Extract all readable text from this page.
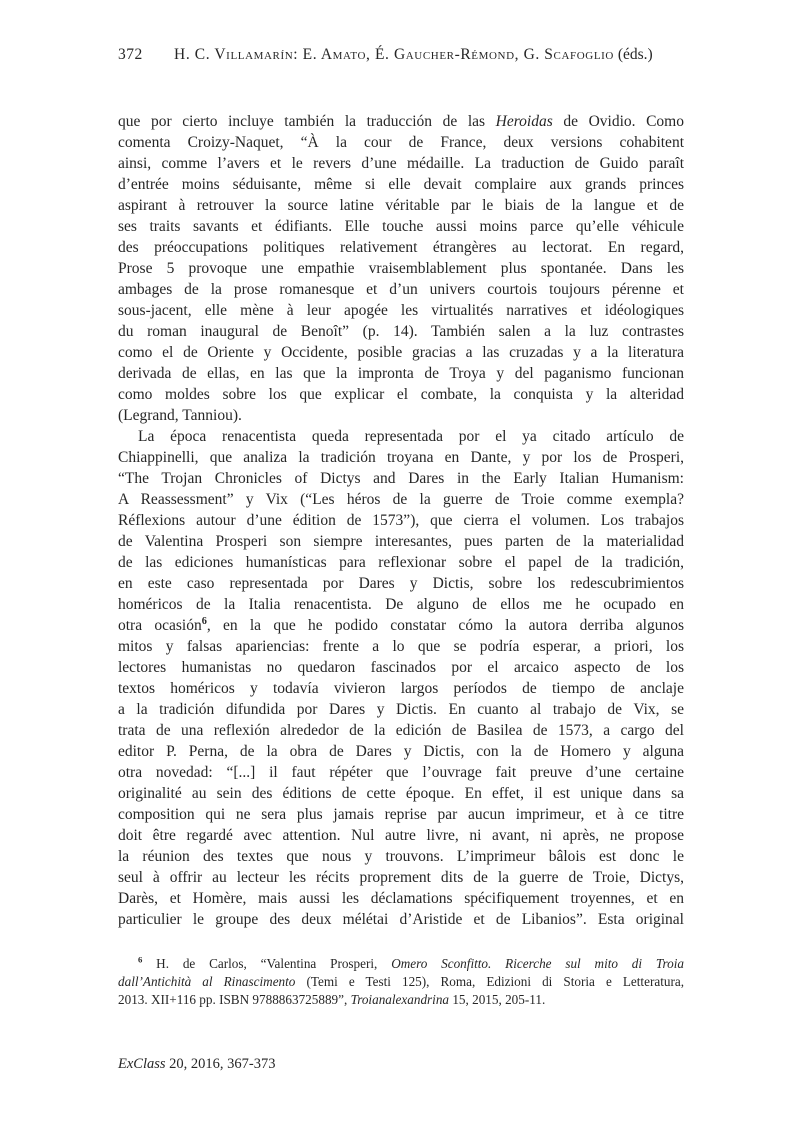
372	H. C. Villamarín: E. Amato, É. Gaucher-Rémond, G. Scafoglio (éds.)
que por cierto incluye también la traducción de las Heroidas de Ovidio. Como
comenta Croizy-Naquet, “À la cour de France, deux versions cohabitent
ainsi, comme l’avers et le revers d’une médaille. La traduction de Guido paraît
d’entrée moins séduisante, même si elle devait complaire aux grands princes
aspirant à retrouver la source latine véritable par le biais de la langue et de
ses traits savants et édifiants. Elle touche aussi moins parce qu’elle véhicule
des préoccupations politiques relativement étrangères au lectorat. En regard,
Prose 5 provoque une empathie vraisemblablement plus spontanée. Dans les
ambages de la prose romanesque et d’un univers courtois toujours pérenne et
sous-jacent, elle mène à leur apogée les virtualités narratives et idéologiques
du roman inaugural de Benoît” (p. 14). También salen a la luz contrastes
como el de Oriente y Occidente, posible gracias a las cruzadas y a la literatura
derivada de ellas, en las que la impronta de Troya y del paganismo funcionan
como moldes sobre los que explicar el combate, la conquista y la alteridad
(Legrand, Tanniou).
La época renacentista queda representada por el ya citado artículo de
Chiappinelli, que analiza la tradición troyana en Dante, y por los de Prosperi,
“The Trojan Chronicles of Dictys and Dares in the Early Italian Humanism:
A Reassessment” y Vix (“Les héros de la guerre de Troie comme exempla?
Réflexions autour d’une édition de 1573”), que cierra el volumen. Los trabajos
de Valentina Prosperi son siempre interesantes, pues parten de la materialidad
de las ediciones humanísticas para reflexionar sobre el papel de la tradición,
en este caso representada por Dares y Dictis, sobre los redescubrimientos
homéricos de la Italia renacentista. De alguno de ellos me he ocupado en
otra ocasión$^6$, en la que he podido constatar cómo la autora derriba algunos
mitos y falsas apariencias: frente a lo que se podría esperar, a priori, los
lectores humanistas no quedaron fascinados por el arcaico aspecto de los
textos homéricos y todavía vivieron largos períodos de tiempo de anclaje
a la tradición difundida por Dares y Dictis. En cuanto al trabajo de Vix, se
trata de una reflexión alrededor de la edición de Basilea de 1573, a cargo del
editor P. Perna, de la obra de Dares y Dictis, con la de Homero y alguna
otra novedad: “[...] il faut répéter que l’ouvrage fait preuve d’une certaine
originalité au sein des éditions de cette époque. En effet, il est unique dans sa
composition qui ne sera plus jamais reprise par aucun imprimeur, et à ce titre
doit être regardé avec attention. Nul autre livre, ni avant, ni après, ne propose
la réunion des textes que nous y trouvons. L’imprimeur bâlois est donc le
seul à offrir au lecteur les récits proprement dits de la guerre de Troie, Dictys,
Darès, et Homère, mais aussi les déclamations spécifiquement troyennes, et en
particulier le groupe des deux mélétai d’Aristide et de Libanios”. Esta original
$^6$ H. de Carlos, “Valentina Prosperi, Omero Sconfitto. Ricerche sul mito di Troia
dall’Antichità al Rinascimento (Temi e Testi 125), Roma, Edizioni di Storia e Letteratura,
2013. XII+116 pp. ISBN 9788863725889”, Troianalexandrina 15, 2015, 205-11.
ExClass 20, 2016, 367-373
